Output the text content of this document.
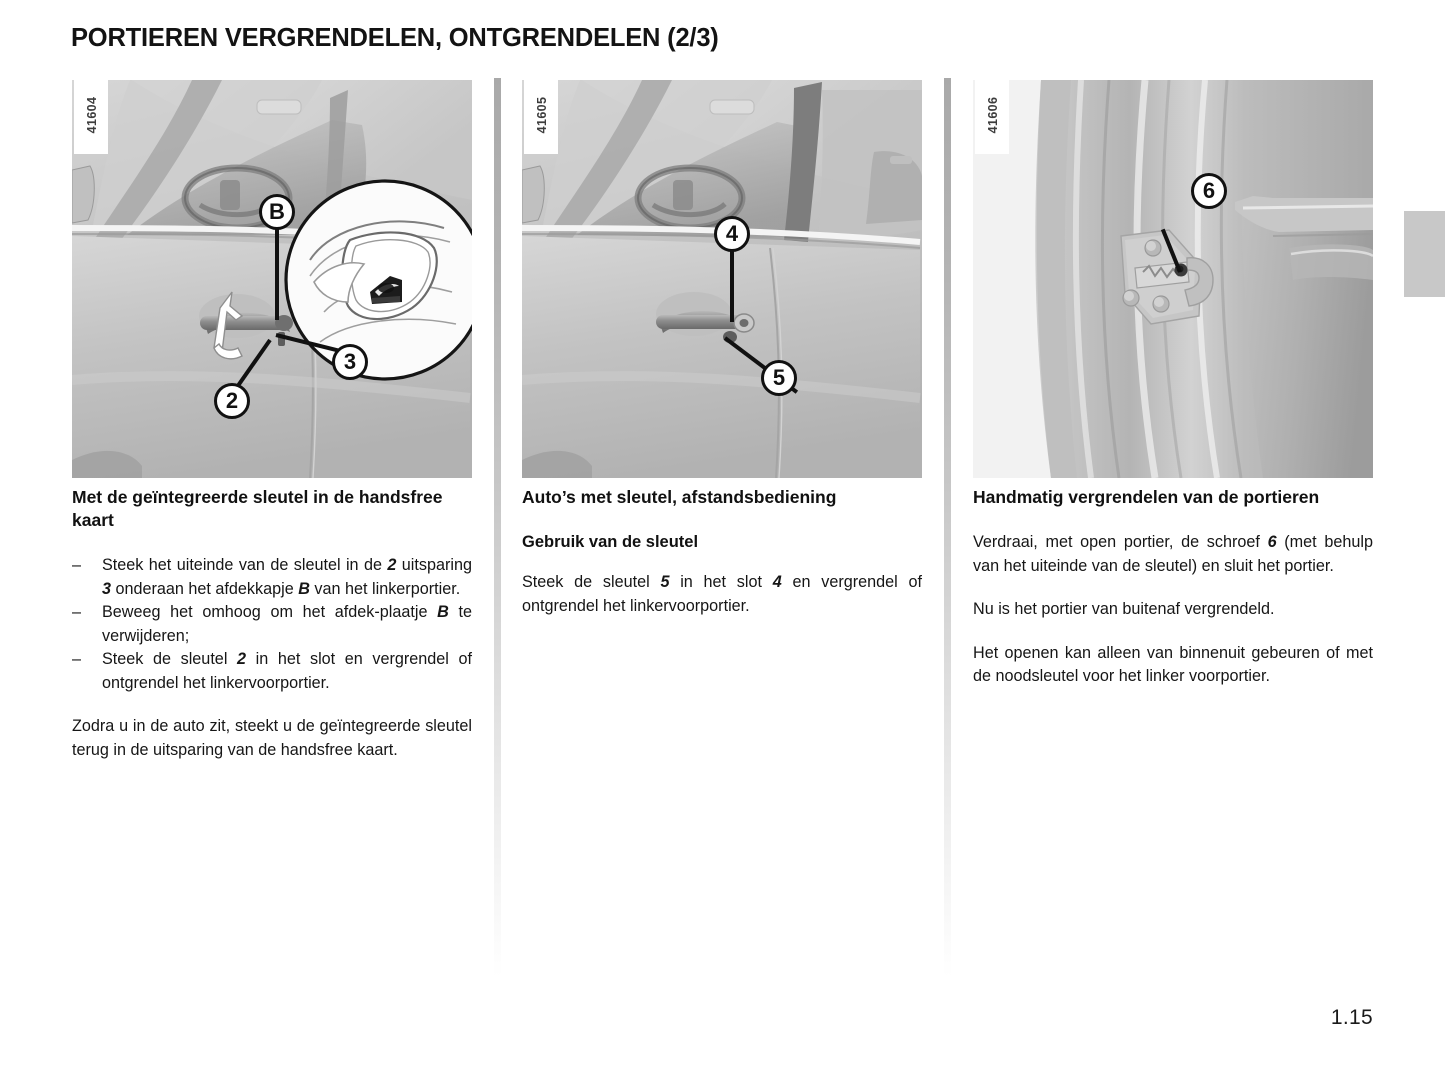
PORTIEREN VERGRENDELEN, ONTGRENDELEN (2/3)
B
3
2
41604
4
5
41605
6
41606
Met de geïntegreerde sleutel in de handsfree kaart
– Steek het uiteinde van de sleutel in de 2 uitsparing 3 onderaan het afdekkapje B van het linkerportier.
– Beweeg het omhoog om het afdek-plaatje B te verwijderen;
– Steek de sleutel 2 in het slot en vergrendel of ontgrendel het linkervoorportier.

Zodra u in de auto zit, steekt u de geïntegreerde sleutel terug in de uitsparing van de handsfree kaart.

Auto’s met sleutel, afstandsbediening
Gebruik van de sleutel

Steek de sleutel 5 in het slot 4 en vergrendel of ontgrendel het linkervoorportier.

Handmatig vergrendelen van de portieren

Verdraai, met open portier, de schroef 6 (met behulp van het uiteinde van de sleutel) en sluit het portier.

Nu is het portier van buitenaf vergrendeld.

Het openen kan alleen van binnenuit gebeuren of met de noodsleutel voor het linker voorportier.

1.15
